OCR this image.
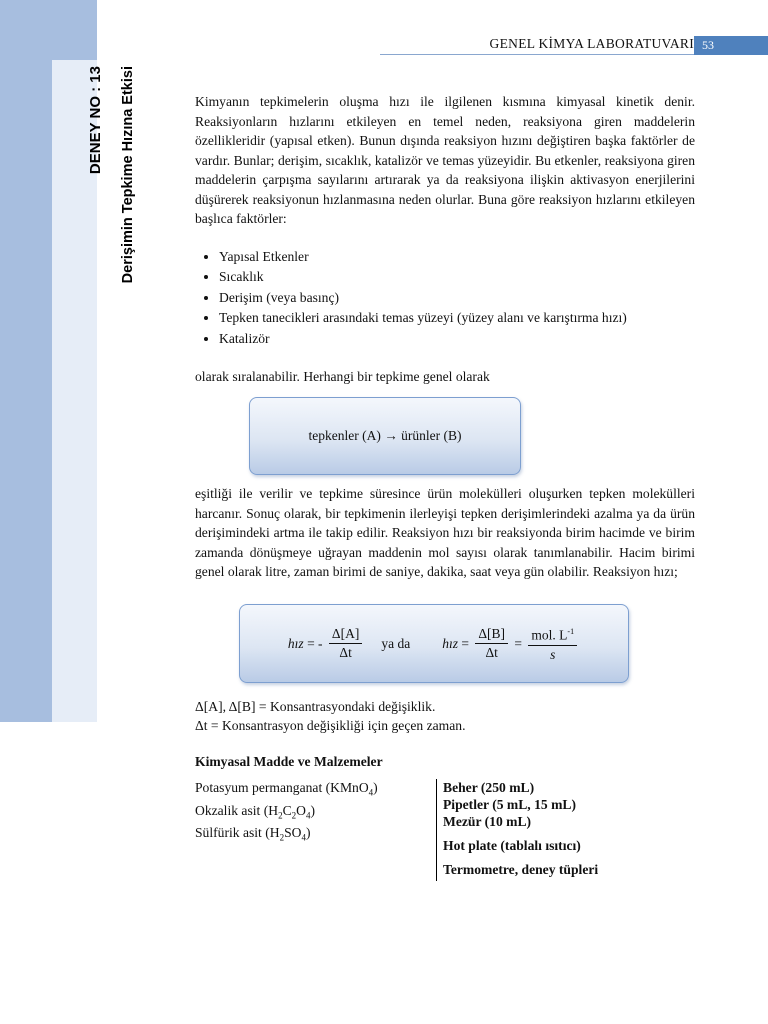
DENEY NO : 13 Derişimin Tepkime Hızına Etkisi
GENEL KİMYA LABORATUVARI 53

Kimyanın tepkimelerin oluşma hızı ile ilgilenen kısmına kimyasal kinetik denir. Reaksiyonların hızlarını etkileyen en temel neden, reaksiyona giren maddelerin özellikleridir (yapısal etken). Bunun dışında reaksiyon hızını değiştiren başka faktörler de vardır. Bunlar; derişim, sıcaklık, katalizör ve temas yüzeyidir. Bu etkenler, reaksiyona giren maddelerin çarpışma sayılarını artırarak ya da reaksiyona ilişkin aktivasyon enerjilerini düşürerek reaksiyonun hızlanmasına neden olurlar. Buna göre reaksiyon hızlarını etkileyen başlıca faktörler:

• Yapısal Etkenler
• Sıcaklık
• Derişim (veya basınç)
• Tepken tanecikleri arasındaki temas yüzeyi (yüzey alanı ve karıştırma hızı)
• Katalizör

olarak sıralanabilir. Herhangi bir tepkime genel olarak

tepkenler (A) → ürünler (B)

eşitliği ile verilir ve tepkime süresince ürün molekülleri oluşurken tepken molekülleri harcanır. Sonuç olarak, bir tepkimenin ilerleyişi tepken derişimlerindeki azalma ya da ürün derişimindeki artma ile takip edilir. Reaksiyon hızı bir reaksiyonda birim hacimde ve birim zamanda dönüşmeye uğrayan maddenin mol sayısı olarak tanımlanabilir. Hacim birimi genel olarak litre, zaman birimi de saniye, dakika, saat veya gün olabilir. Reaksiyon hızı;

hız = - $\frac{\Delta[A]}{\Delta t}$ ya da hız = $\frac{\Delta[B]}{\Delta t} = \frac{mol. L^{-1}}{s}$
Δ[A], Δ[B] = Konsantrasyondaki değişiklik.
Δt = Konsantrasyon değişikliği için geçen zaman.
Kimyasal Madde ve Malzemeler
Potasyum permanganat (KMnO$_4$)
Okzalik asit $(H_2C_2O_4)$
Sülfürik asit $(H_2SO_4)$
Beher (250 mL)
Pipetler (5 mL, 15 mL)
Mezür (10 mL)
Hot plate (tablalı ısıtıcı)
Termometre, deney tüpleri
